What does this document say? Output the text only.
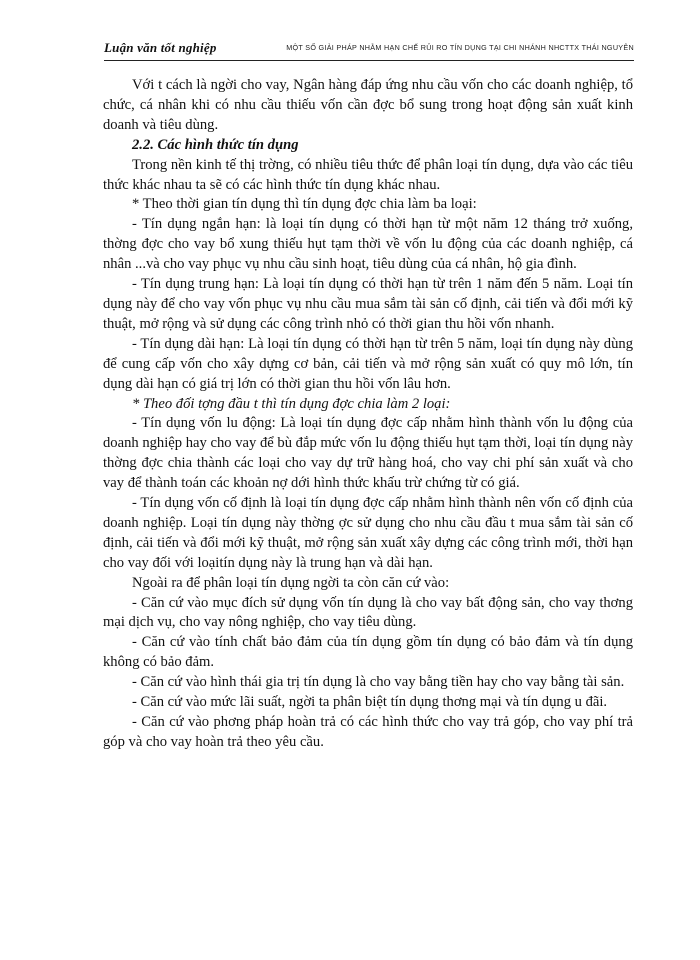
Luận văn tốt nghiệp	MỘT SỐ GIẢI PHÁP NHẰM HẠN CHẾ RỦI RO TÍN DỤNG TẠI CHI NHÁNH NHCTTX THÁI NGUYÊN

Với t cách là ngời cho vay, Ngân hàng đáp ứng nhu cầu vốn cho các doanh nghiệp, tổ chức, cá nhân khi có nhu cầu thiếu vốn cần đợc bổ sung trong hoạt động sản xuất kinh doanh và tiêu dùng.

2.2. Các hình thức tín dụng

Trong nền kinh tế thị trờng, có nhiều tiêu thức để phân loại tín dụng, dựa vào các tiêu thức khác nhau ta sẽ có các hình thức tín dụng khác nhau.

* Theo thời gian tín dụng thì tín dụng đợc chia làm ba loại:

- Tín dụng ngắn hạn: là loại tín dụng có thời hạn từ một năm 12 tháng trở xuống, thờng đợc cho vay bổ xung thiếu hụt tạm thời về vốn lu động của các doanh nghiệp, cá nhân ...và cho vay phục vụ nhu cầu sinh hoạt, tiêu dùng của cá nhân, hộ gia đình.

- Tín dụng trung hạn: Là loại tín dụng có thời hạn từ trên 1 năm đến 5 năm. Loại tín dụng này để cho vay vốn phục vụ nhu cầu mua sắm tài sản cố định, cải tiến và đổi mới kỹ thuật, mở rộng và sử dụng các công trình nhỏ có thời gian thu hồi vốn nhanh.

- Tín dụng dài hạn: Là loại tín dụng có thời hạn từ trên 5 năm, loại tín dụng này dùng để cung cấp vốn cho xây dựng cơ bản, cải tiến và mở rộng sản xuất có quy mô lớn, tín dụng dài hạn có giá trị lớn có thời gian thu hồi vốn lâu hơn.

* Theo đối tợng đầu t thì tín dụng đợc chia làm 2 loại:

- Tín dụng vốn lu động: Là loại tín dụng đợc cấp nhằm hình thành vốn lu động của doanh nghiệp hay cho vay để bù đắp mức vốn lu động thiếu hụt tạm thời, loại tín dụng này thờng đợc chia thành các loại cho vay dự trữ hàng hoá, cho vay chi phí sản xuất và cho vay để thành toán các khoản nợ dới hình thức khấu trừ chứng từ có giá.

- Tín dụng vốn cố định là loại tín dụng đợc cấp nhằm hình thành nên vốn cố định của doanh nghiệp. Loại tín dụng này thờng ợc sử dụng cho nhu cầu đầu t mua sắm tài sản cố định, cải tiến và đổi mới kỹ thuật, mở rộng sản xuất xây dựng các công trình mới, thời hạn cho vay đối với loạitín dụng này là trung hạn và dài hạn.

Ngoài ra để phân loại tín dụng ngời ta còn căn cứ vào:

- Căn cứ vào mục đích sử dụng vốn tín dụng là cho vay bất động sản, cho vay thơng mại dịch vụ, cho vay nông nghiệp, cho vay tiêu dùng.

- Căn cứ vào tính chất bảo đảm của tín dụng gồm tín dụng có bảo đảm và tín dụng không có bảo đảm.

- Căn cứ vào hình thái gia trị tín dụng là cho vay bằng tiền hay cho vay bằng tài sản.

- Căn cứ vào mức lãi suất, ngời ta phân biệt tín dụng thơng mại và tín dụng u đãi.

- Căn cứ vào phơng pháp hoàn trả có các hình thức cho vay trả góp, cho vay phí trả góp và cho vay hoàn trả theo yêu cầu.
